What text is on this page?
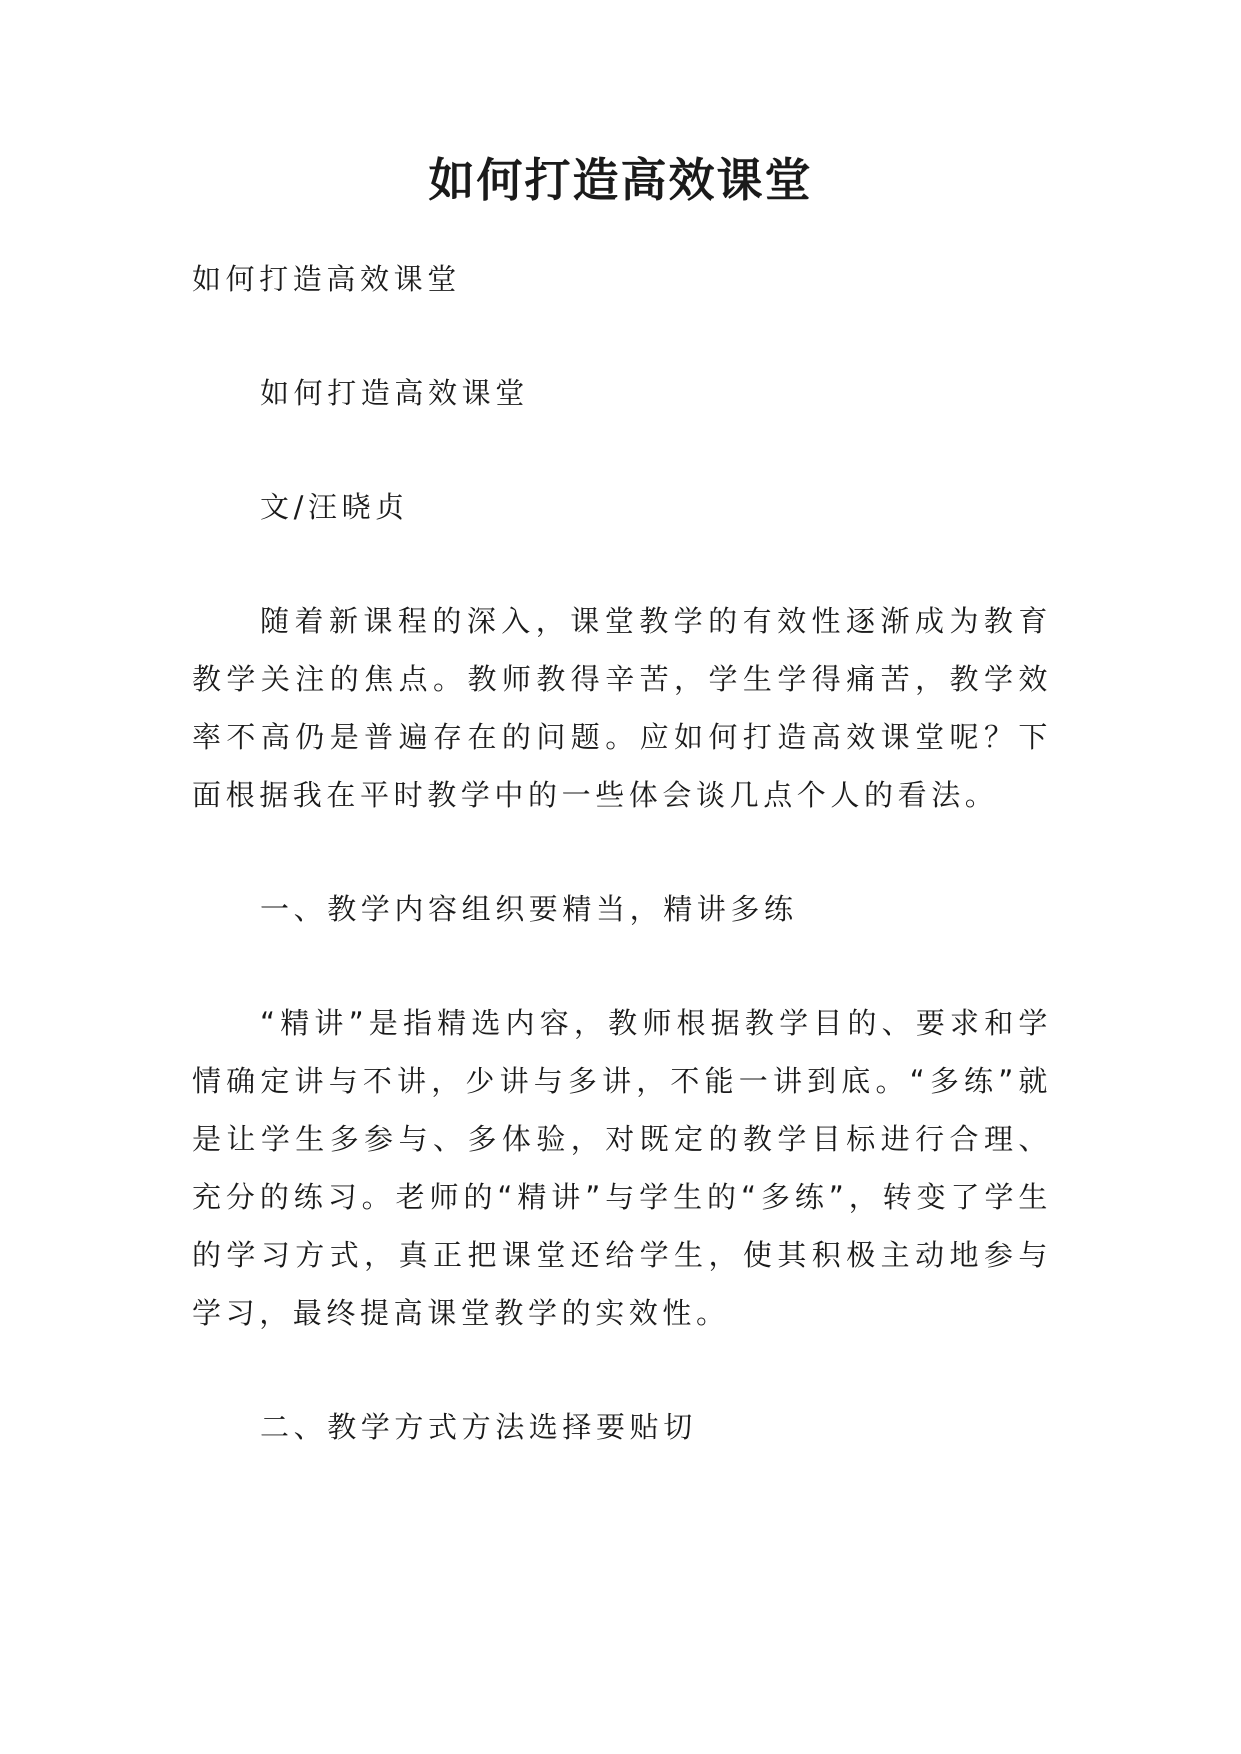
如何打造高效课堂

如何打造高效课堂

如何打造高效课堂

文/汪晓贞

随着新课程的深入，课堂教学的有效性逐渐成为教育教学关注的焦点。教师教得辛苦，学生学得痛苦，教学效率不高仍是普遍存在的问题。应如何打造高效课堂呢？下面根据我在平时教学中的一些体会谈几点个人的看法。

一、教学内容组织要精当，精讲多练

“精讲”是指精选内容，教师根据教学目的、要求和学情确定讲与不讲，少讲与多讲，不能一讲到底。“多练”就是让学生多参与、多体验，对既定的教学目标进行合理、充分的练习。老师的“精讲”与学生的“多练”，转变了学生的学习方式，真正把课堂还给学生，使其积极主动地参与学习，最终提高课堂教学的实效性。

二、教学方式方法选择要贴切
